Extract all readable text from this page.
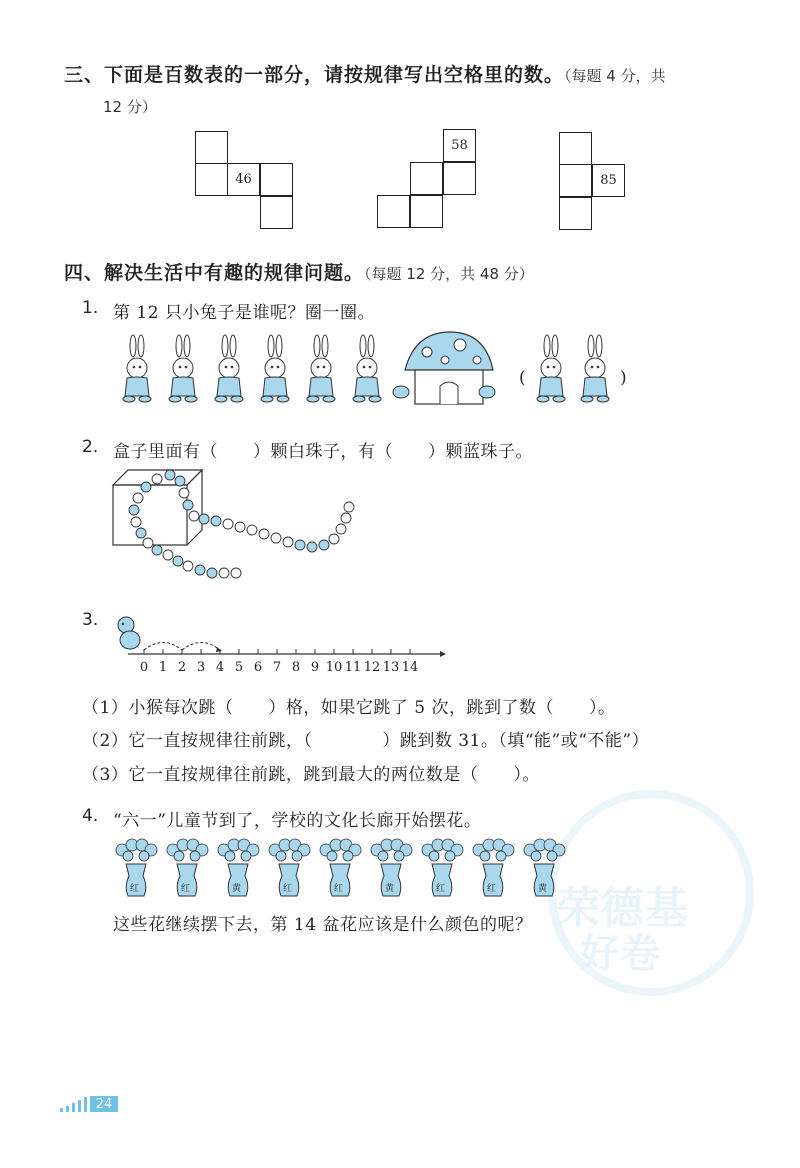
荣德基
好卷
三、下面是百数表的一部分，请按规律写出空格里的数。（每题 4 分，共
12 分）
46
58
85
四、解决生活中有趣的规律问题。（每题 12 分，共 48 分）
1. 第 12 只小兔子是谁呢？圈一圈。
(	)
2. 盒子里面有（　　）颗白珠子，有（　　）颗蓝珠子。
3.
0 1 2 3 4 5 6 7 8 9 10 11 12 13 14
（1）小猴每次跳（　　）格，如果它跳了 5 次，跳到了数（　　）。
（2）它一直按规律往前跳，（　　　　）跳到数 31。（填“能”或“不能”）
（3）它一直按规律往前跳，跳到最大的两位数是（　　）。
4. “六一”儿童节到了，学校的文化长廊开始摆花。
红	红	黄	红	红	黄	红	红	黄
这些花继续摆下去，第 14 盆花应该是什么颜色的呢？
24
